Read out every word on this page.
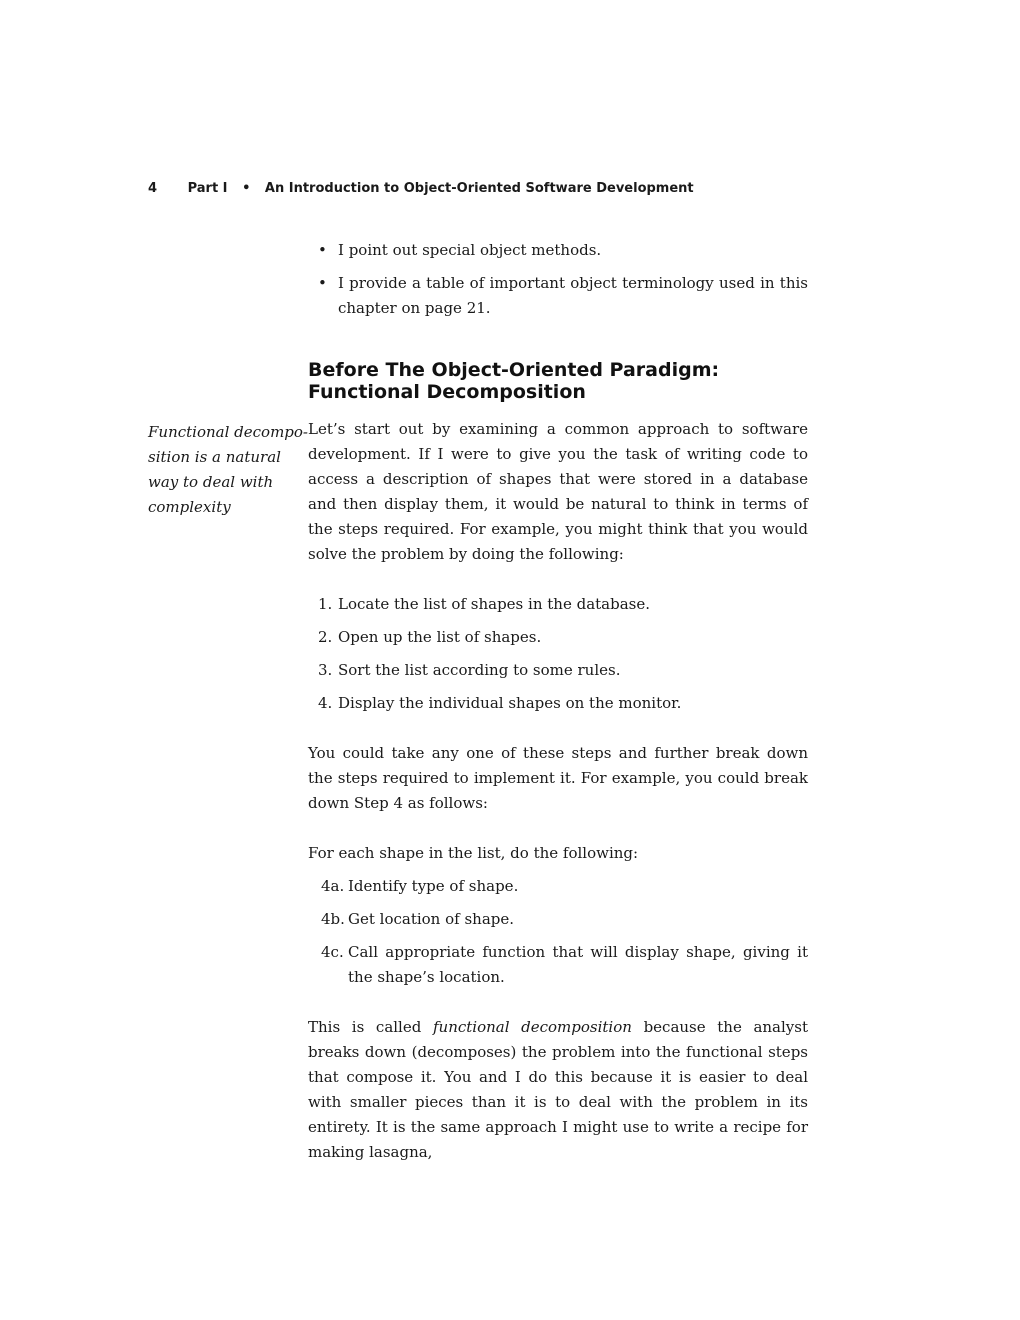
4 Part I • An Introduction to Object-Oriented Software Development
Functional decompo-
sition is a natural
way to deal with
complexity
• I point out special object methods.
• I provide a table of important object terminology used in this chapter on page 21.
Before The Object-Oriented Paradigm:
Functional Decomposition

Let’s start out by examining a common approach to software development. If I were to give you the task of writing code to access a description of shapes that were stored in a database and then display them, it would be natural to think in terms of the steps required. For example, you might think that you would solve the problem by doing the following:

1. Locate the list of shapes in the database.
2. Open up the list of shapes.
3. Sort the list according to some rules.
4. Display the individual shapes on the monitor.

You could take any one of these steps and further break down the steps required to implement it. For example, you could break down Step 4 as follows:

For each shape in the list, do the following:

4a. Identify type of shape.
4b. Get location of shape.
4c. Call appropriate function that will display shape, giving it the shape’s location.

This is called functional decomposition because the analyst breaks down (decomposes) the problem into the functional steps that compose it. You and I do this because it is easier to deal with smaller pieces than it is to deal with the problem in its entirety. It is the same approach I might use to write a recipe for making lasagna,
